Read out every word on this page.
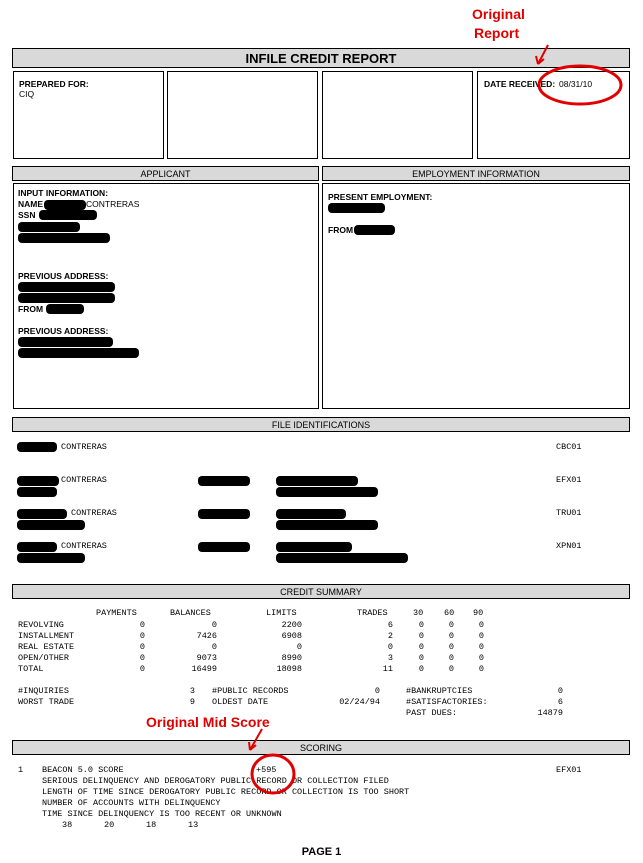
Original
Report
Original Mid Score
INFILE CREDIT REPORT
PREPARED FOR:
CIQ
DATE RECEIVED: 08/31/10
APPLICANT	EMPLOYMENT INFORMATION
INPUT INFORMATION:
NAME	CONTRERAS
SSN
PREVIOUS ADDRESS:
FROM
PREVIOUS ADDRESS:
PRESENT EMPLOYMENT:
FROM
FILE IDENTIFICATIONS
CONTRERAS	CBC01
CONTRERAS	EFX01
CONTRERAS	TRU01
CONTRERAS	XPN01
CREDIT SUMMARY
PAYMENTS	BALANCES	LIMITS	TRADES	30 60 90
REVOLVING	0	0	2200	6	0	0	0
INSTALLMENT	0	7426	6908	2	0	0	0
REAL ESTATE	0	0	0	0	0	0	0
OPEN/OTHER	0	9073	8990	3	0	0	0
TOTAL	0	16499	18098	11	0	0	0
#INQUIRIES	3 #PUBLIC RECORDS	0	#BANKRUPTCIES	0
WORST TRADE	9 OLDEST DATE	02/24/94	#SATISFACTORIES:	6
PAST DUES:	14879
SCORING
1 BEACON 5.0 SCORE	+595	EFX01
SERIOUS DELINQUENCY AND DEROGATORY PUBLIC RECORD OR COLLECTION FILED
LENGTH OF TIME SINCE DEROGATORY PUBLIC RECORD OR COLLECTION IS TOO SHORT
NUMBER OF ACCOUNTS WITH DELINQUENCY
TIME SINCE DELINQUENCY IS TOO RECENT OR UNKNOWN
38	20	18	13
PAGE 1
